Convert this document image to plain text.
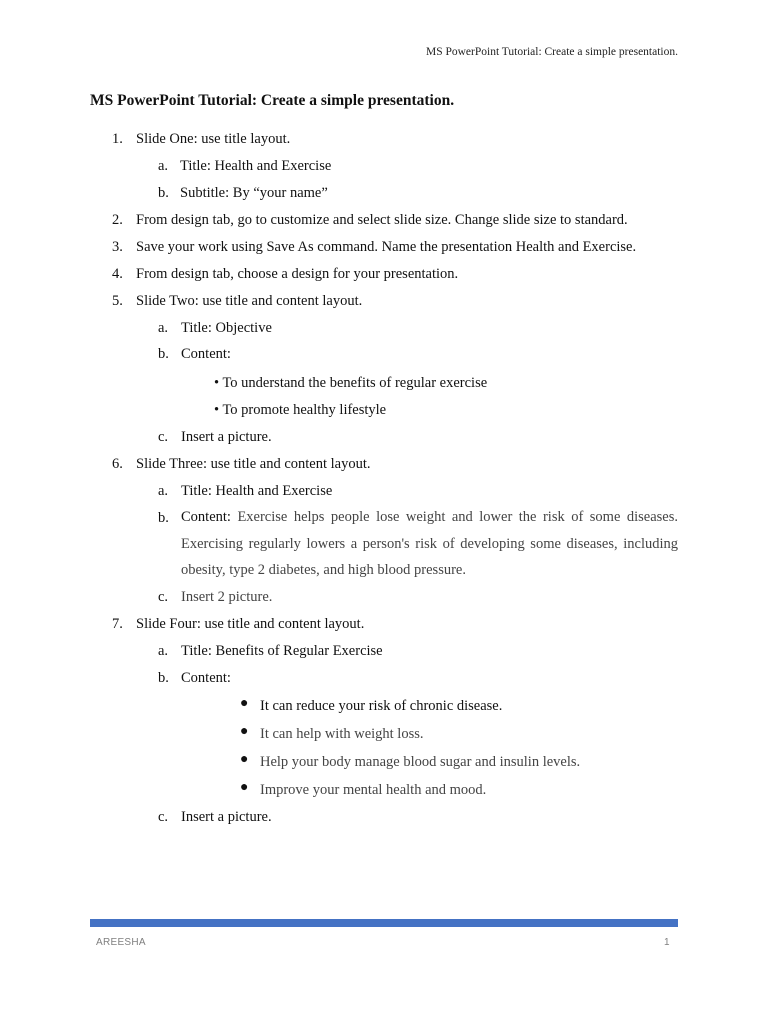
MS PowerPoint Tutorial: Create a simple presentation.
MS PowerPoint Tutorial: Create a simple presentation.
1. Slide One: use title layout.
a. Title: Health and Exercise
b. Subtitle: By “your name”
2. From design tab, go to customize and select slide size. Change slide size to standard.
3. Save your work using Save As command. Name the presentation Health and Exercise.
4. From design tab, choose a design for your presentation.
5. Slide Two: use title and content layout.
a. Title: Objective
b. Content:
• To understand the benefits of regular exercise
• To promote healthy lifestyle
c. Insert a picture.
6. Slide Three: use title and content layout.
a. Title: Health and Exercise
b. Content: Exercise helps people lose weight and lower the risk of some diseases. Exercising regularly lowers a person's risk of developing some diseases, including obesity, type 2 diabetes, and high blood pressure.
c. Insert 2 picture.
7. Slide Four: use title and content layout.
a. Title: Benefits of Regular Exercise
b. Content:
● It can reduce your risk of chronic disease.
● It can help with weight loss.
● Help your body manage blood sugar and insulin levels.
● Improve your mental health and mood.
c. Insert a picture.
AREESHA	1
